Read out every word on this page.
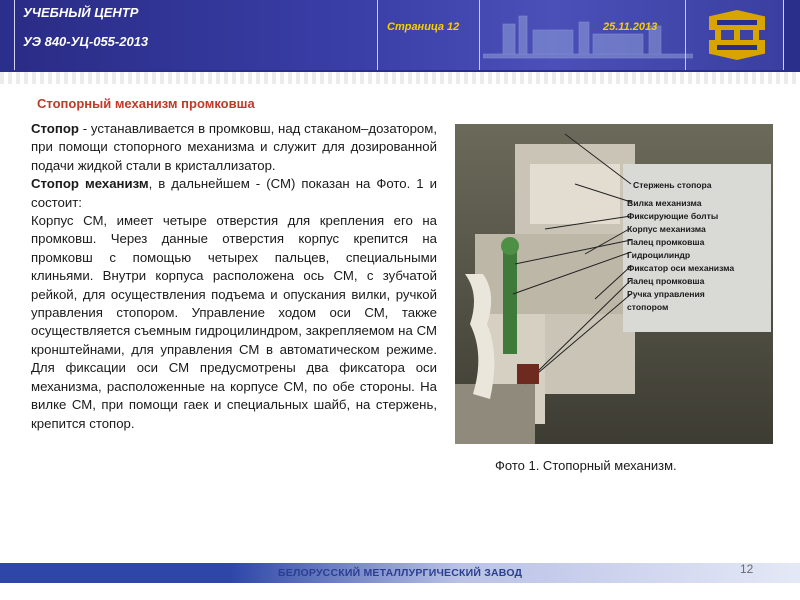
УЧЕБНЫЙ ЦЕНТР
УЭ 840-УЦ-055-2013
Страница 12	25.11.2013
Стопорный механизм промковша

Стопор - устанавливается в промковш, над стаканом–дозатором, при помощи стопорного механизма и служит для дозированной подачи жидкой стали в кристаллизатор.

Стопор механизм, в дальнейшем - (СМ) показан на Фото. 1 и состоит:

Корпус СМ, имеет четыре отверстия для крепления его на промковш. Через данные отверстия корпус крепится на промковш с помощью четырех пальцев, специальными клиньями. Внутри корпуса расположена ось СМ, с зубчатой рейкой, для осуществления подъема и опускания вилки, ручкой управления стопором. Управление ходом оси СМ, также осуществляется съемным гидроцилиндром, закрепляемом на СМ кронштейнами, для управления СМ в автоматическом режиме. Для фиксации оси СМ предусмотрены два фиксатора оси механизма, расположенные на корпусе СМ, по обе стороны. На вилке СМ, при помощи гаек и специальных шайб, на стержень, крепится стопор.

Стержень стопора
Вилка механизма
Фиксирующие болты
Корпус механизма
Палец промковша
Гидроцилиндр
Фиксатор оси механизма
Палец промковша
Ручка управления
стопором
Фото 1. Стопорный механизм.
БЕЛОРУССКИЙ МЕТАЛЛУРГИЧЕСКИЙ ЗАВОД	12
